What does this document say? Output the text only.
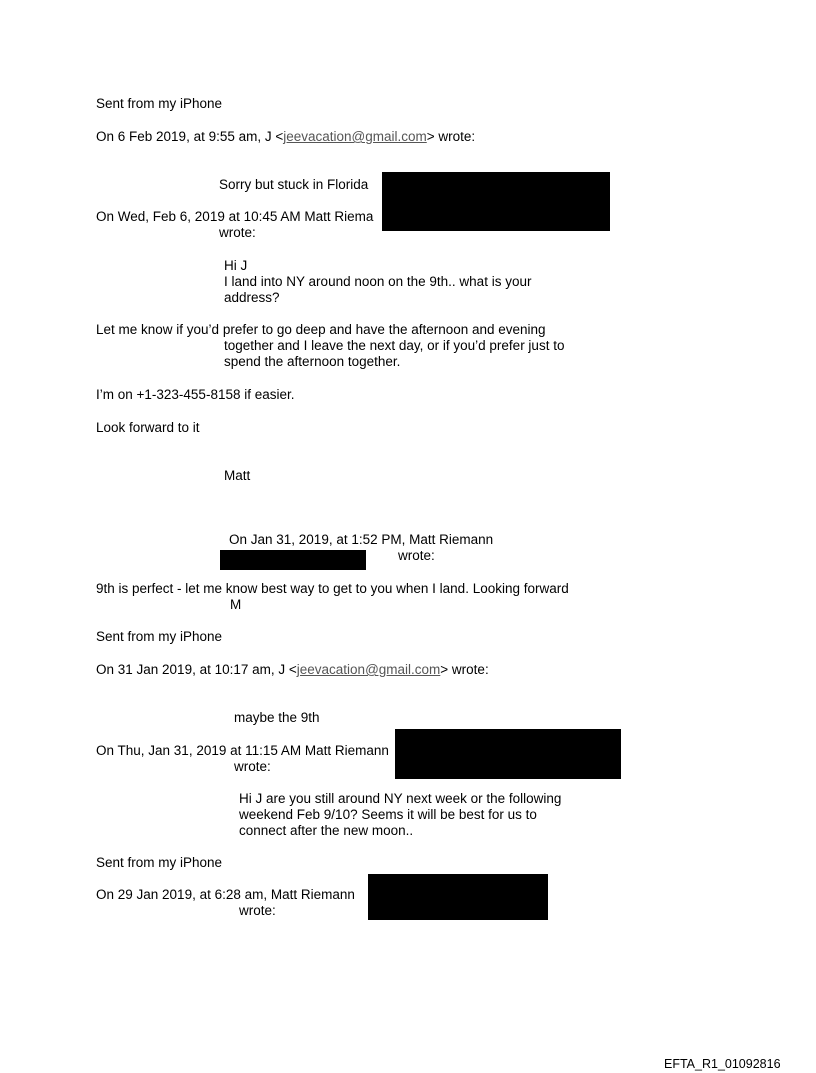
Sent from my iPhone
On 6 Feb 2019, at 9:55 am, J <jeevacation@gmail.com> wrote:
Sorry but stuck in Florida
On Wed, Feb 6, 2019 at 10:45 AM Matt Riema
wrote:
Hi J
I land into NY around noon on the 9th.. what is your
address?
Let me know if you’d prefer to go deep and have the afternoon and evening
together and I leave the next day, or if you’d prefer just to
spend the afternoon together.
I’m on +1-323-455-8158 if easier.
Look forward to it
Matt
On Jan 31, 2019, at 1:52 PM, Matt Riemann
wrote:
9th is perfect - let me know best way to get to you when I land. Looking forward
M
Sent from my iPhone
On 31 Jan 2019, at 10:17 am, J <jeevacation@gmail.com> wrote:
maybe the 9th
On Thu, Jan 31, 2019 at 11:15 AM Matt Riemann
wrote:
Hi J are you still around NY next week or the following
weekend Feb 9/10? Seems it will be best for us to
connect after the new moon..
Sent from my iPhone
On 29 Jan 2019, at 6:28 am, Matt Riemann
wrote:
EFTA_R1_01092816
